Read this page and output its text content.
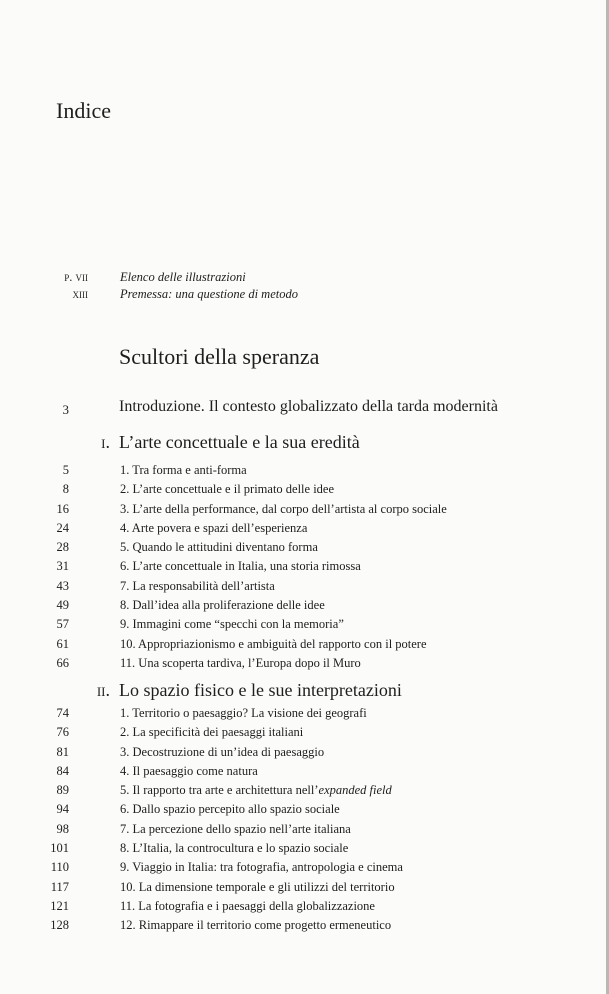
Indice
p. vii	Elenco delle illustrazioni
xiii	Premessa: una questione di metodo
Scultori della speranza
3	Introduzione. Il contesto globalizzato della tarda modernità
i. L’arte concettuale e la sua eredità
5	1. Tra forma e anti-forma
8	2. L’arte concettuale e il primato delle idee
16	3. L’arte della performance, dal corpo dell’artista al corpo sociale
24	4. Arte povera e spazi dell’esperienza
28	5. Quando le attitudini diventano forma
31	6. L’arte concettuale in Italia, una storia rimossa
43	7. La responsabilità dell’artista
49	8. Dall’idea alla proliferazione delle idee
57	9. Immagini come “specchi con la memoria”
61	10. Appropriazionismo e ambiguità del rapporto con il potere
66	11. Una scoperta tardiva, l’Europa dopo il Muro
ii. Lo spazio fisico e le sue interpretazioni
74	1. Territorio o paesaggio? La visione dei geografi
76	2. La specificità dei paesaggi italiani
81	3. Decostruzione di un’idea di paesaggio
84	4. Il paesaggio come natura
89	5. Il rapporto tra arte e architettura nell’expanded field
94	6. Dallo spazio percepito allo spazio sociale
98	7. La percezione dello spazio nell’arte italiana
101	8. L’Italia, la controcultura e lo spazio sociale
110	9. Viaggio in Italia: tra fotografia, antropologia e cinema
117	10. La dimensione temporale e gli utilizzi del territorio
121	11. La fotografia e i paesaggi della globalizzazione
128	12. Rimappare il territorio come progetto ermeneutico
